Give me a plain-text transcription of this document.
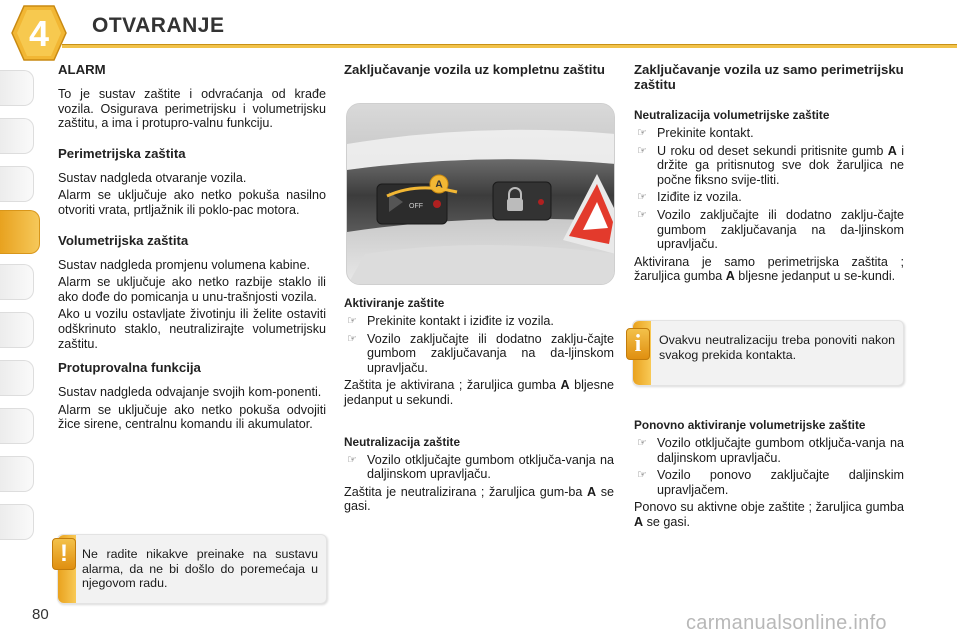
4 OTVARANJE
ALARM

To je sustav zaštite i odvraćanja od krađe vozila. Osigurava perimetrijsku i volumetrijsku zaštitu, a ima i protupro-valnu funkciju.

Perimetrijska zaštita

Sustav nadgleda otvaranje vozila.

Alarm se uključuje ako netko pokuša nasilno otvoriti vrata, prtljažnik ili poklo-pac motora.

Volumetrijska zaštita

Sustav nadgleda promjenu volumena kabine.

Alarm se uključuje ako netko razbije staklo ili ako dođe do pomicanja u unu-trašnjosti vozila.

Ako u vozilu ostavljate životinju ili želite ostaviti odškrinuto staklo, neutralizirajte volumetrijsku zaštitu.

Protuprovalna funkcija

Sustav nadgleda odvajanje svojih kom-ponenti.

Alarm se uključuje ako netko pokuša odvojiti žice sirene, centralnu komandu ili akumulator.

Ne radite nikakve preinake na sustavu alarma, da ne bi došlo do poremećaja u njegovom radu.
!
Zaključavanje vozila uz kompletnu zaštitu
OFF
A
Aktiviranje zaštite
☞ Prekinite kontakt i iziđite iz vozila.
☞ Vozilo zaključajte ili dodatno zaklju-čajte gumbom zaključavanja na da-ljinskom upravljaču.

Zaštita je aktivirana ; žaruljica gumba A bljesne jedanput u sekundi.

Neutralizacija zaštite
☞ Vozilo otključajte gumbom otključa-vanja na daljinskom upravljaču.

Zaštita je neutralizirana ; žaruljica gum-ba A se gasi.

Zaključavanje vozila uz samo perimetrijsku zaštitu
Neutralizacija volumetrijske zaštite
☞ Prekinite kontakt.
☞ U roku od deset sekundi pritisnite gumb A i držite ga pritisnutog sve dok žaruljica ne počne fiksno svije-tliti.
☞ Iziđite iz vozila.
☞ Vozilo zaključajte ili dodatno zaklju-čajte gumbom zaključavanja na da-ljinskom upravljaču.

Aktivirana je samo perimetrijska zaštita ; žaruljica gumba A bljesne jedanput u se-kundi.

Ovakvu neutralizaciju treba ponoviti nakon svakog prekida kontakta.
i
Ponovno aktiviranje volumetrijske zaštite
☞ Vozilo otključajte gumbom otključa-vanja na daljinskom upravljaču.
☞ Vozilo ponovo zaključajte daljinskim upravljačem.

Ponovo su aktivne obje zaštite ; žaruljica gumba A se gasi.

80	carmanualsonline.info
